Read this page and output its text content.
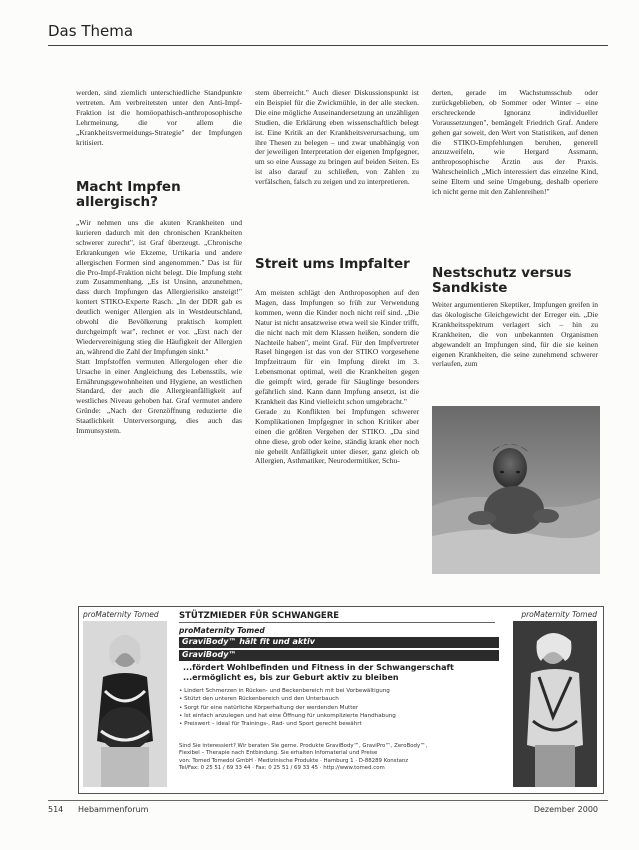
Das Thema
werden, sind ziemlich unterschiedliche Standpunkte vertreten. Am verbreitetsten unter den Anti-Impf-Fraktion ist die homöopathisch-anthroposophische Lehrmeinung, die vor allem die „Krankheitsvermeidungs-Strategie" der Impfungen kritisiert.
Macht Impfen allergisch?
„Wir nehmen uns die akuten Krankheiten und kurieren dadurch mit den chronischen Krankheiten schwerer zurecht", ist Graf überzeugt. „Chronische Erkrankungen wie Ekzeme, Urtikaria und andere allergischen Formen sind angenommen." Das ist für die Pro-Impf-Fraktion nicht belegt. Die Impfung steht zum Zusammenhang. „Es ist Unsinn, anzunehmen, dass durch Impfungen das Allergierisiko ansteigt!" kontert STIKO-Experte Rasch. „In der DDR gab es deutlich weniger Allergien als in Westdeutschland, obwohl die Bevölkerung praktisch komplett durchgeimpft war", rechnet er vor. „Erst nach der Wiedervereinigung stieg die Häufigkeit der Allergien an, während die Zahl der Impfungen sinkt."
Statt Impfstoffen vermuten Allergologen eher die Ursache in einer Angleichung des Lebensstils, wie Ernährungsgewohnheiten und Hygiene, an westlichen Standard, der auch die Allergieanfälligkeit auf westliches Niveau gehoben hat. Graf vermutet andere Gründe: „Nach der Grenzöffnung reduzierte die Staatlichkeit Unterversorgung, dies auch das Immunsystem.
stem überreicht." Auch dieser Diskussionspunkt ist ein Beispiel für die Zwickmühle, in der alle stecken. Die eine mögliche Auseinandersetzung an unzähligen Studien, die Erklärung eben wissenschaftlich belegt ist. Eine Kritik an der Krankheitsverursachung, um ihre Thesen zu belegen – und zwar unabhängig von der jeweiligen Interpretation der eigenen Impfgegner, um so eine Aussage zu bringen auf beiden Seiten. Es ist also darauf zu schließen, von Zahlen zu verfälschen, falsch zu zeigen und zu interpretieren.
Streit ums Impfalter
Am meisten schlägt den Anthroposophen auf den Magen, dass Impfungen so früh zur Verwendung kommen, wenn die Kinder noch nicht reif sind. „Die Natur ist nicht ansatzweise etwa weil sie Kinder trifft, die nicht nach mit dem Klassen heißen, sondern die Nachteile haben", meint Graf. Für den Impfvertreter Rasel hingegen ist das von der STIKO vorgesehene Impfzeitraum für ein Impfung direkt im 3. Lebensmonat optimal, weil die Krankheiten gegen die geimpft wird, gerade für Säuglinge besonders gefährlich sind. Kann dann Impfung ansetzt, ist die Krankheit das Kind vielleicht schon umgebracht."
Gerade zu Konflikten bei Impfungen schwerer Komplikationen Impfgegner in schon Kritiker aber einen die größten Vergehen der STIKO. „Da sind ohne diese, grob oder keine, ständig krank eher noch nie geheilt Anfälligkeit unter dieser, ganz gleich ob Allergien, Asthmatiker, Neurodermitiker, Schu-
derten, gerade im Wachstumsschub oder zurückgeblieben, ob Sommer oder Winter – eine erschreckende Ignoranz individueller Voraussetzungen", bemängelt Friedrich Graf. Andere gehen gar soweit, den Wert von Statistiken, auf denen die STIKO-Empfehlungen beruhen, generell anzuzweifeln, wie Hergard Assmann, anthroposophische Ärztin aus der Praxis. Wahrscheinlich „Mich interessiert das einzelne Kind, seine Eltern und seine Umgebung, deshalb operiere ich nicht gerne mit den Zahlenreihen!"
Nestschutz versus Sandkiste
Weiter argumentieren Skeptiker, Impfungen greifen in das ökologische Gleichgewicht der Erreger ein. „Die Krankheitsspektrum verlagert sich – hin zu Krankheiten, die von unbekannten Organismen abgewandelt an Impfungen sind, für die sie keinen eigenen Krankheiten, die seine zunehmend schwerer verlaufen, zum
proMaternity Tomed	proMaternity Tomed
STÜTZMIEDER FÜR SCHWANGERE
proMaternity Tomed
GraviBody™ hält fit und aktiv
GraviBody™
...fördert Wohlbefinden und Fitness in der Schwangerschaft
...ermöglicht es, bis zur Geburt aktiv zu bleiben
• Lindert Schmerzen in Rücken- und Beckenbereich mit bei Vorbewältigung
• Stützt den unteren Rückenbereich und den Unterbauch
• Sorgt für eine natürliche Körperhaltung der werdenden Mutter
• Ist einfach anzulegen und hat eine Öffnung für unkomplizierte Handhabung
• Preiswert – ideal für Trainings-, Rad- und Sport gerecht bewährt

Sind Sie interessiert? Wir beraten Sie gerne. Produkte GraviBody™, GraviPro™, ZeroBody™,

Flexibel – Therapie nach Entbindung. Sie erhalten Infomaterial und Preise

von: Tomed Tomedol GmbH · Medizinische Produkte · Hamburg 1 · D-88289 Konstanz

Tel/Fax: 0 25 51 / 69 33 44 · Fax: 0 25 51 / 69 33 45 · http://www.tomed.com

514 Hebammenforum	Dezember 2000
